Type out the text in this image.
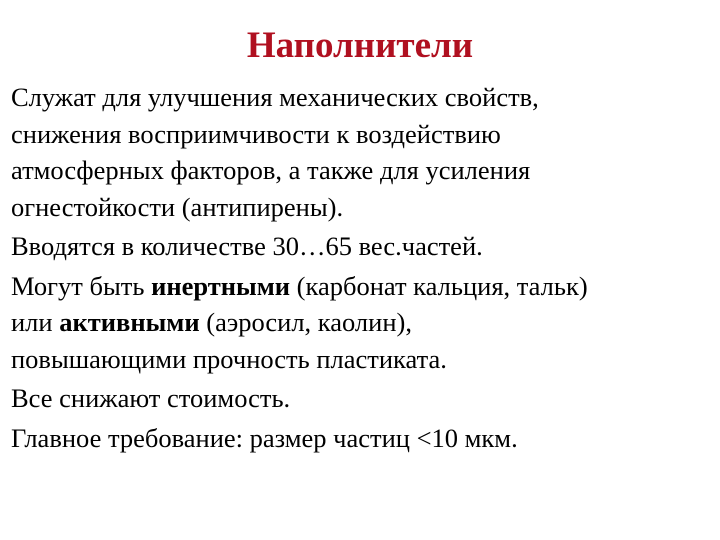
Наполнители

Служат для улучшения механических свойств,
снижения восприимчивости к воздействию
атмосферных факторов, а также для усиления
огнестойкости (антипирены).

Вводятся в количестве 30…65 вес.частей.

Могут быть инертными (карбонат кальция, тальк)
или активными (аэросил, каолин),
повышающими прочность пластиката.

Все снижают стоимость.

Главное требование: размер частиц <10 мкм.
